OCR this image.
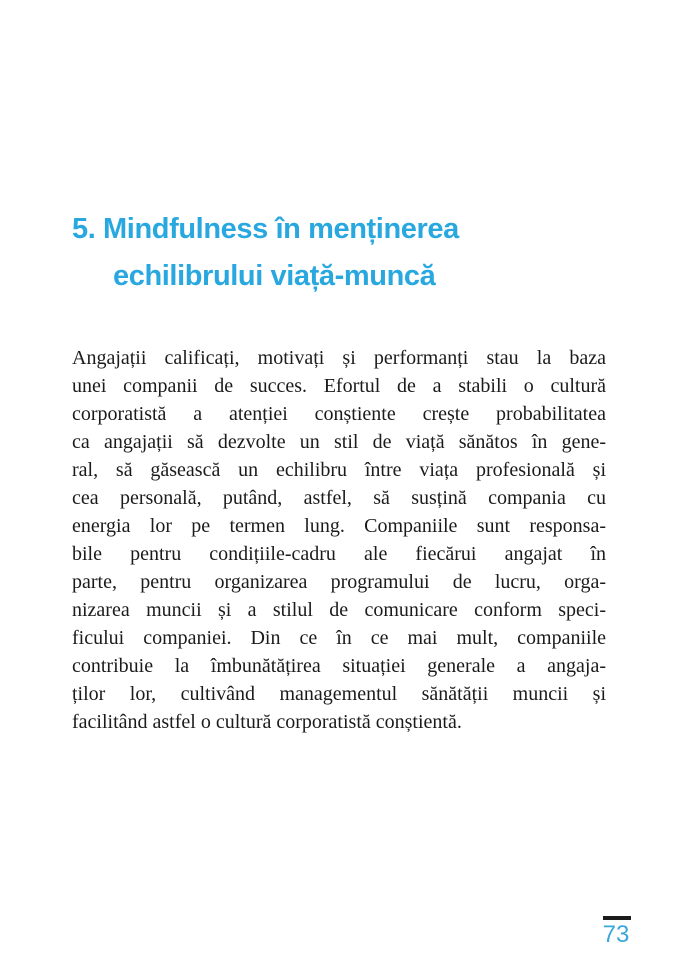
5. Mindfulness în menținerea
echilibrului viață-muncă
Angajații calificați, motivați și performanți stau la baza
unei companii de succes. Efortul de a stabili o cultură
corporatistă a atenției conștiente crește probabilitatea
ca angajații să dezvolte un stil de viață sănătos în gene-
ral, să găsească un echilibru între viața profesională și
cea personală, putând, astfel, să susțină compania cu
energia lor pe termen lung. Companiile sunt responsa-
bile pentru condițiile-cadru ale fiecărui angajat în
parte, pentru organizarea programului de lucru, orga-
nizarea muncii și a stilul de comunicare conform speci-
ficului companiei. Din ce în ce mai mult, companiile
contribuie la îmbunătățirea situației generale a angaja-
ților lor, cultivând managementul sănătății muncii și
facilitând astfel o cultură corporatistă conștientă.
73
